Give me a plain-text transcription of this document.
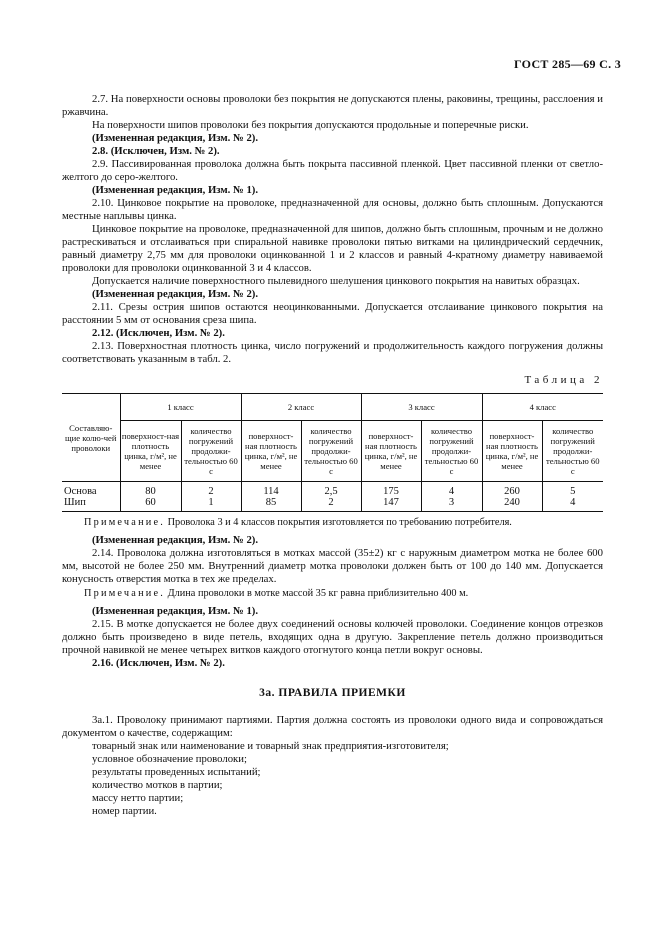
ГОСТ 285—69 С. 3

2.7. На поверхности основы проволоки без покрытия не допускаются плены, раковины, трещины, расслоения и ржавчина.

На поверхности шипов проволоки без покрытия допускаются продольные и поперечные риски.

(Измененная редакция, Изм. № 2).

2.8. (Исключен, Изм. № 2).

2.9. Пассивированная проволока должна быть покрыта пассивной пленкой. Цвет пассивной пленки от светло-желтого до серо-желтого.

(Измененная редакция, Изм. № 1).

2.10. Цинковое покрытие на проволоке, предназначенной для основы, должно быть сплошным. Допускаются местные наплывы цинка.

Цинковое покрытие на проволоке, предназначенной для шипов, должно быть сплошным, прочным и не должно растрескиваться и отслаиваться при спиральной навивке проволоки пятью витками на цилиндрический сердечник, равный диаметру 2,75 мм для проволоки оцинкованной 1 и 2 классов и равный 4-кратному диаметру навиваемой проволоки для проволоки оцинкованной 3 и 4 классов.

Допускается наличие поверхностного пылевидного шелушения цинкового покрытия на навитых образцах.

(Измененная редакция, Изм. № 2).

2.11. Срезы острия шипов остаются неоцинкованными. Допускается отслаивание цинкового покрытия на расстоянии 5 мм от основания среза шипа.

2.12. (Исключен, Изм. № 2).

2.13. Поверхностная плотность цинка, число погружений и продолжительность каждого погружения должны соответствовать указанным в табл. 2.

Таблица 2
Составляю-щие колю-чей проволоки	1 класс		2 класс		3 класс		4 класс	
	поверхност-ная плотность цинка, г/м², не менее	количество погружений продолжи-тельностью 60 с	поверхност-ная плотность цинка, г/м², не менее	количество погружений продолжи-тельностью 60 с	поверхност-ная плотность цинка, г/м², не менее	количество погружений продолжи-тельностью 60 с	поверхност-ная плотность цинка, г/м², не менее	количество погружений продолжи-тельностью 60 с
Основа	80	2	114	2,5	175	4	260	5
Шип	60	1	85	2	147	3	240	4

Примечание. Проволока 3 и 4 классов покрытия изготовляется по требованию потребителя.

(Измененная редакция, Изм. № 2).

2.14. Проволока должна изготовляться в мотках массой (35±2) кг с наружным диаметром мотка не более 600 мм, высотой не более 250 мм. Внутренний диаметр мотка проволоки должен быть от 100 до 140 мм. Допускается конусность отверстия мотка в тех же пределах.

Примечание. Длина проволоки в мотке массой 35 кг равна приблизительно 400 м.

(Измененная редакция, Изм. № 1).

2.15. В мотке допускается не более двух соединений основы колючей проволоки. Соединение концов отрезков должно быть произведено в виде петель, входящих одна в другую. Закрепление петель должно производиться прочной навивкой не менее четырех витков каждого отогнутого конца петли вокруг основы.

2.16. (Исключен, Изм. № 2).

3а. ПРАВИЛА ПРИЕМКИ

3а.1. Проволоку принимают партиями. Партия должна состоять из проволоки одного вида и сопровождаться документом о качестве, содержащим:

товарный знак или наименование и товарный знак предприятия-изготовителя;

условное обозначение проволоки;

результаты проведенных испытаний;

количество мотков в партии;

массу нетто партии;

номер партии.
